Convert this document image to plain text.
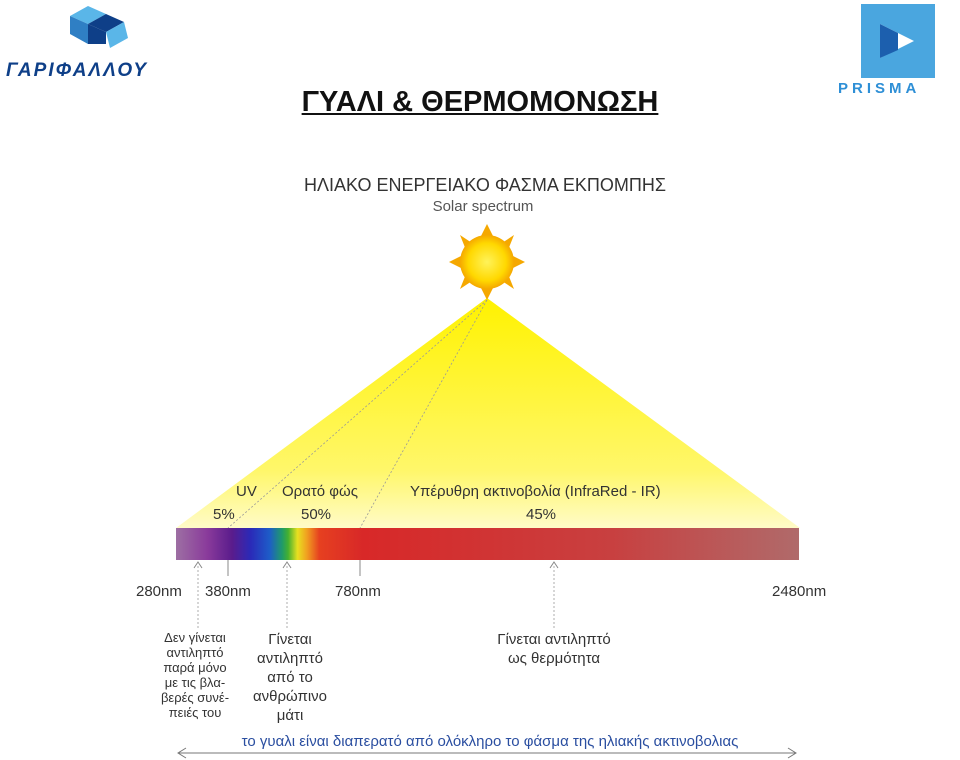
ΓΑΡΙΦΑΛΛΟΥ
PRISMA
ΓΥΑΛΙ & ΘΕΡΜΟΜΟΝΩΣΗ
ΗΛΙΑΚΟ ΕΝΕΡΓΕΙΑΚΟ ΦΑΣΜΑ ΕΚΠΟΜΠΗΣ
Solar spectrum
UV
5%
Ορατό φώς
50%
Υπέρυθρη ακτινοβολία (InfraRed - IR)
45%
280nm 380nm	780nm	2480nm
Δεν γίνεται
αντιληπτό
παρά μόνο
με τις βλα-
βερές συνέ-
πειές του
Γίνεται
αντιληπτό
από το
ανθρώπινο
μάτι
Γίνεται αντιληπτό
ως θερμότητα
το γυαλι είναι διαπερατό από ολόκληρο το φάσμα της ηλιακής ακτινοβολιας
